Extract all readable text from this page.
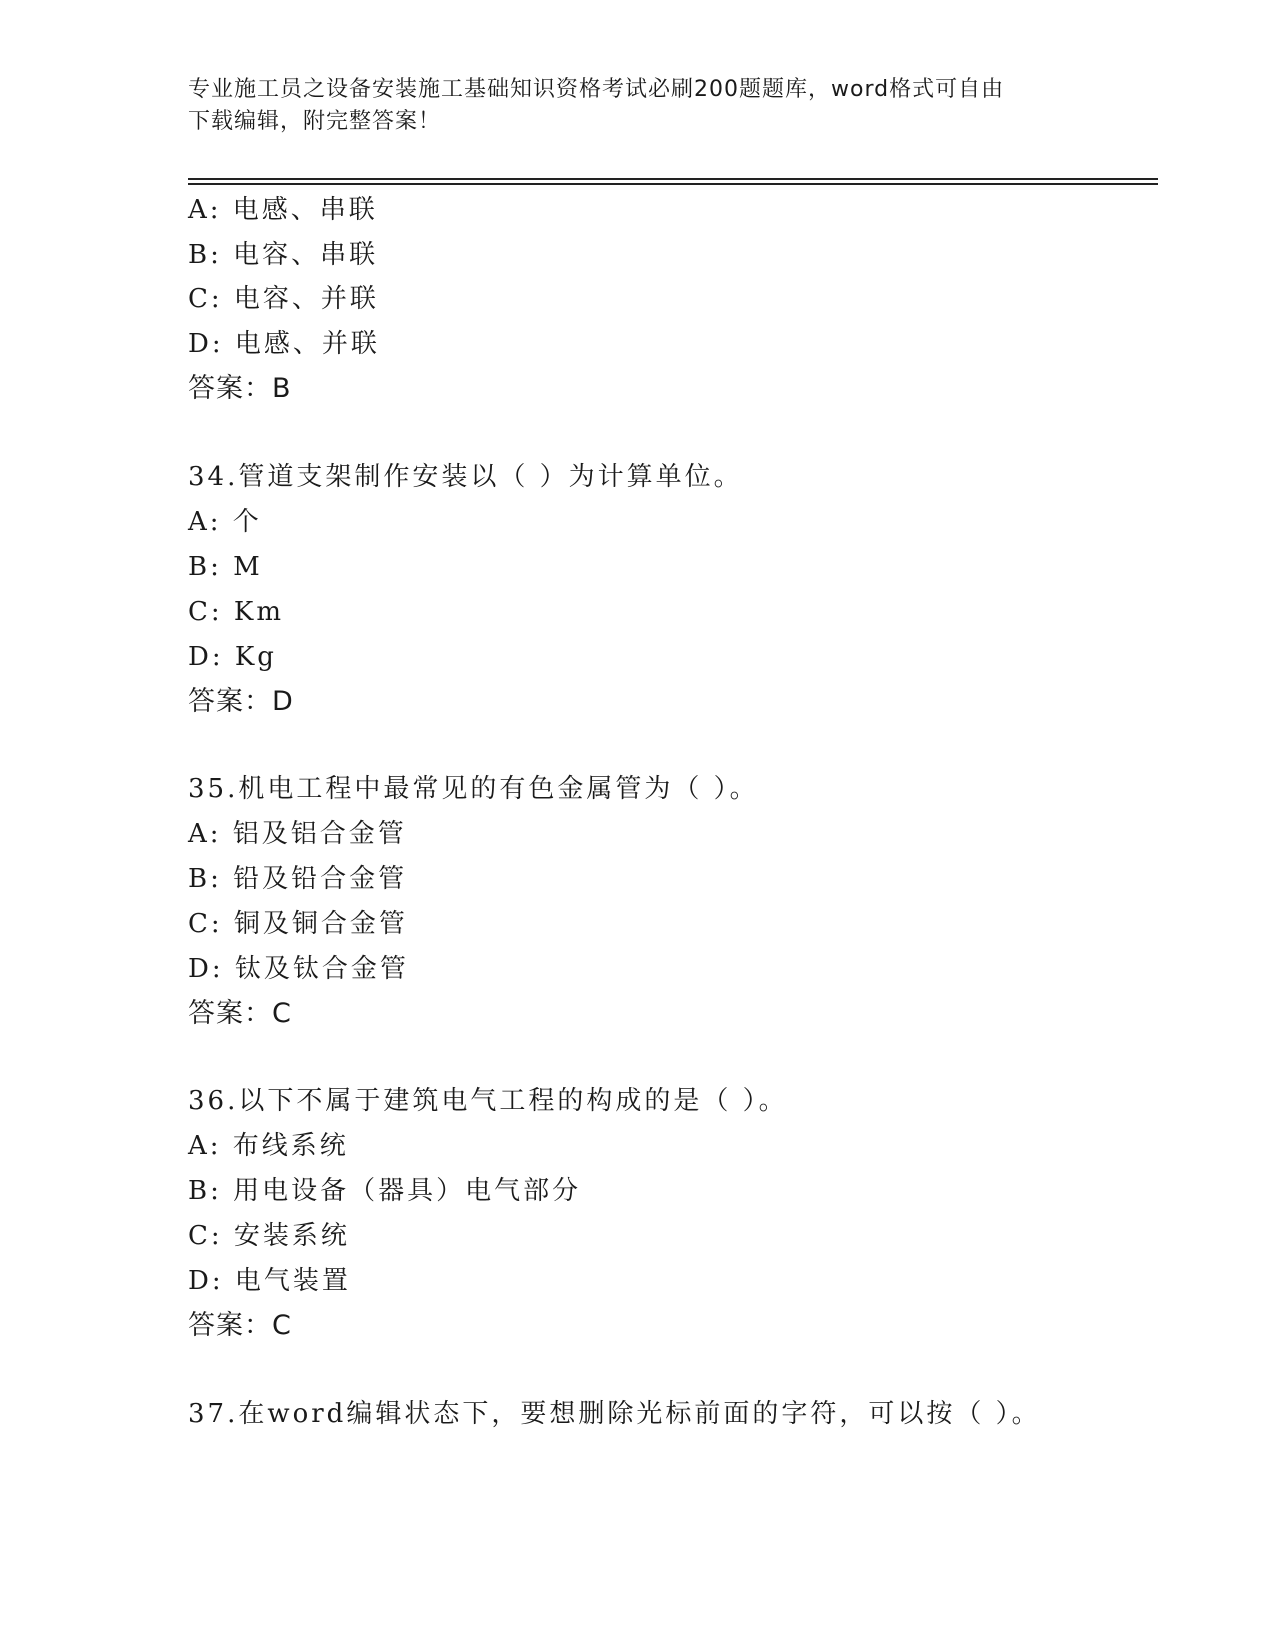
专业施工员之设备安装施工基础知识资格考试必刷200题题库，word格式可自由
下载编辑，附完整答案！
A: 电感、串联
B: 电容、串联
C: 电容、并联
D: 电感、并联
答案：B
34.管道支架制作安装以（ ）为计算单位。
A: 个
B: M
C: Km
D: Kg
答案：D
35.机电工程中最常见的有色金属管为（ ）。
A: 铝及铝合金管
B: 铅及铅合金管
C: 铜及铜合金管
D: 钛及钛合金管
答案：C
36.以下不属于建筑电气工程的构成的是（ ）。
A: 布线系统
B: 用电设备（器具）电气部分
C: 安装系统
D: 电气装置
答案：C
37.在word编辑状态下，要想删除光标前面的字符，可以按（ ）。
